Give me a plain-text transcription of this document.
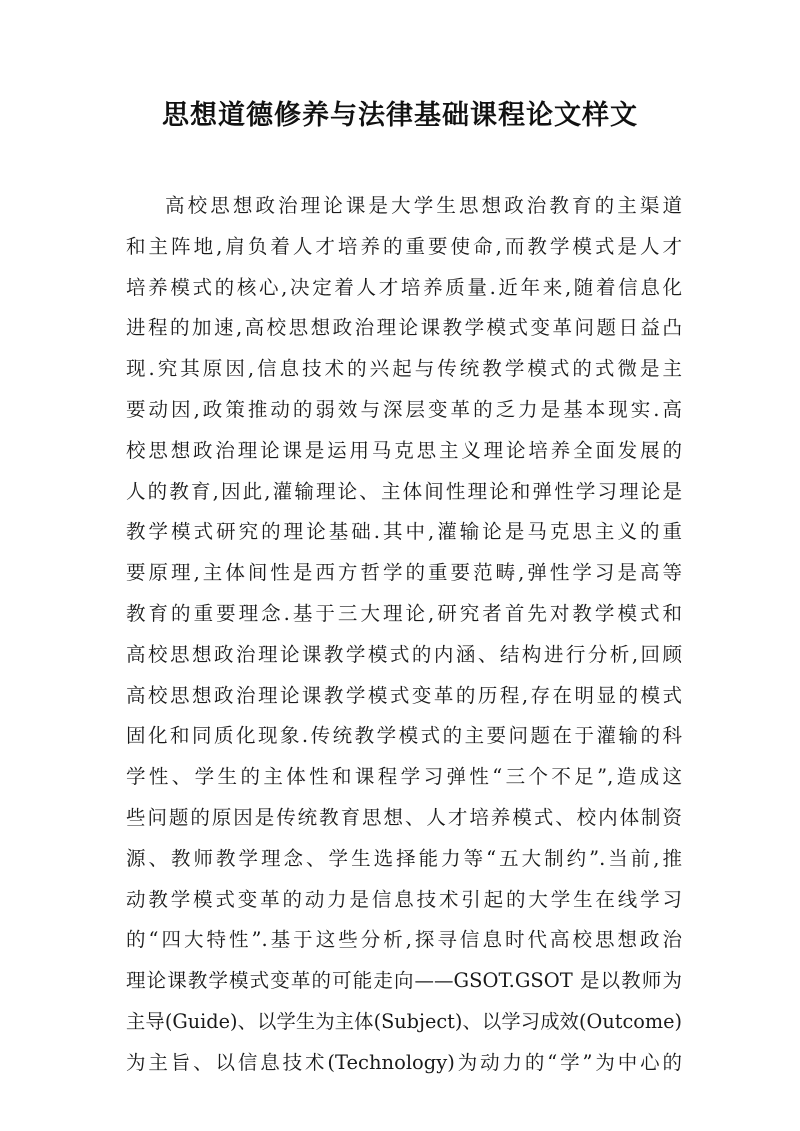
思想道德修养与法律基础课程论文样文
高校思想政治理论课是大学生思想政治教育的主渠道
和主阵地,肩负着人才培养的重要使命,而教学模式是人才
培养模式的核心,决定着人才培养质量.近年来,随着信息化
进程的加速,高校思想政治理论课教学模式变革问题日益凸
现.究其原因,信息技术的兴起与传统教学模式的式微是主
要动因,政策推动的弱效与深层变革的乏力是基本现实.高
校思想政治理论课是运用马克思主义理论培养全面发展的
人的教育,因此,灌输理论、主体间性理论和弹性学习理论是
教学模式研究的理论基础.其中,灌输论是马克思主义的重
要原理,主体间性是西方哲学的重要范畴,弹性学习是高等
教育的重要理念.基于三大理论,研究者首先对教学模式和
高校思想政治理论课教学模式的内涵、结构进行分析,回顾
高校思想政治理论课教学模式变革的历程,存在明显的模式
固化和同质化现象.传统教学模式的主要问题在于灌输的科
学性、学生的主体性和课程学习弹性“三个不足”,造成这
些问题的原因是传统教育思想、人才培养模式、校内体制资
源、教师教学理念、学生选择能力等“五大制约”.当前,推
动教学模式变革的动力是信息技术引起的大学生在线学习
的“四大特性”.基于这些分析,探寻信息时代高校思想政治
理论课教学模式变革的可能走向——GSOT.GSOT 是以教师为
主导(Guide)、以学生为主体(Subject)、以学习成效(Outcome)
为主旨、以信息技术(Technology)为动力的“学”为中心的
